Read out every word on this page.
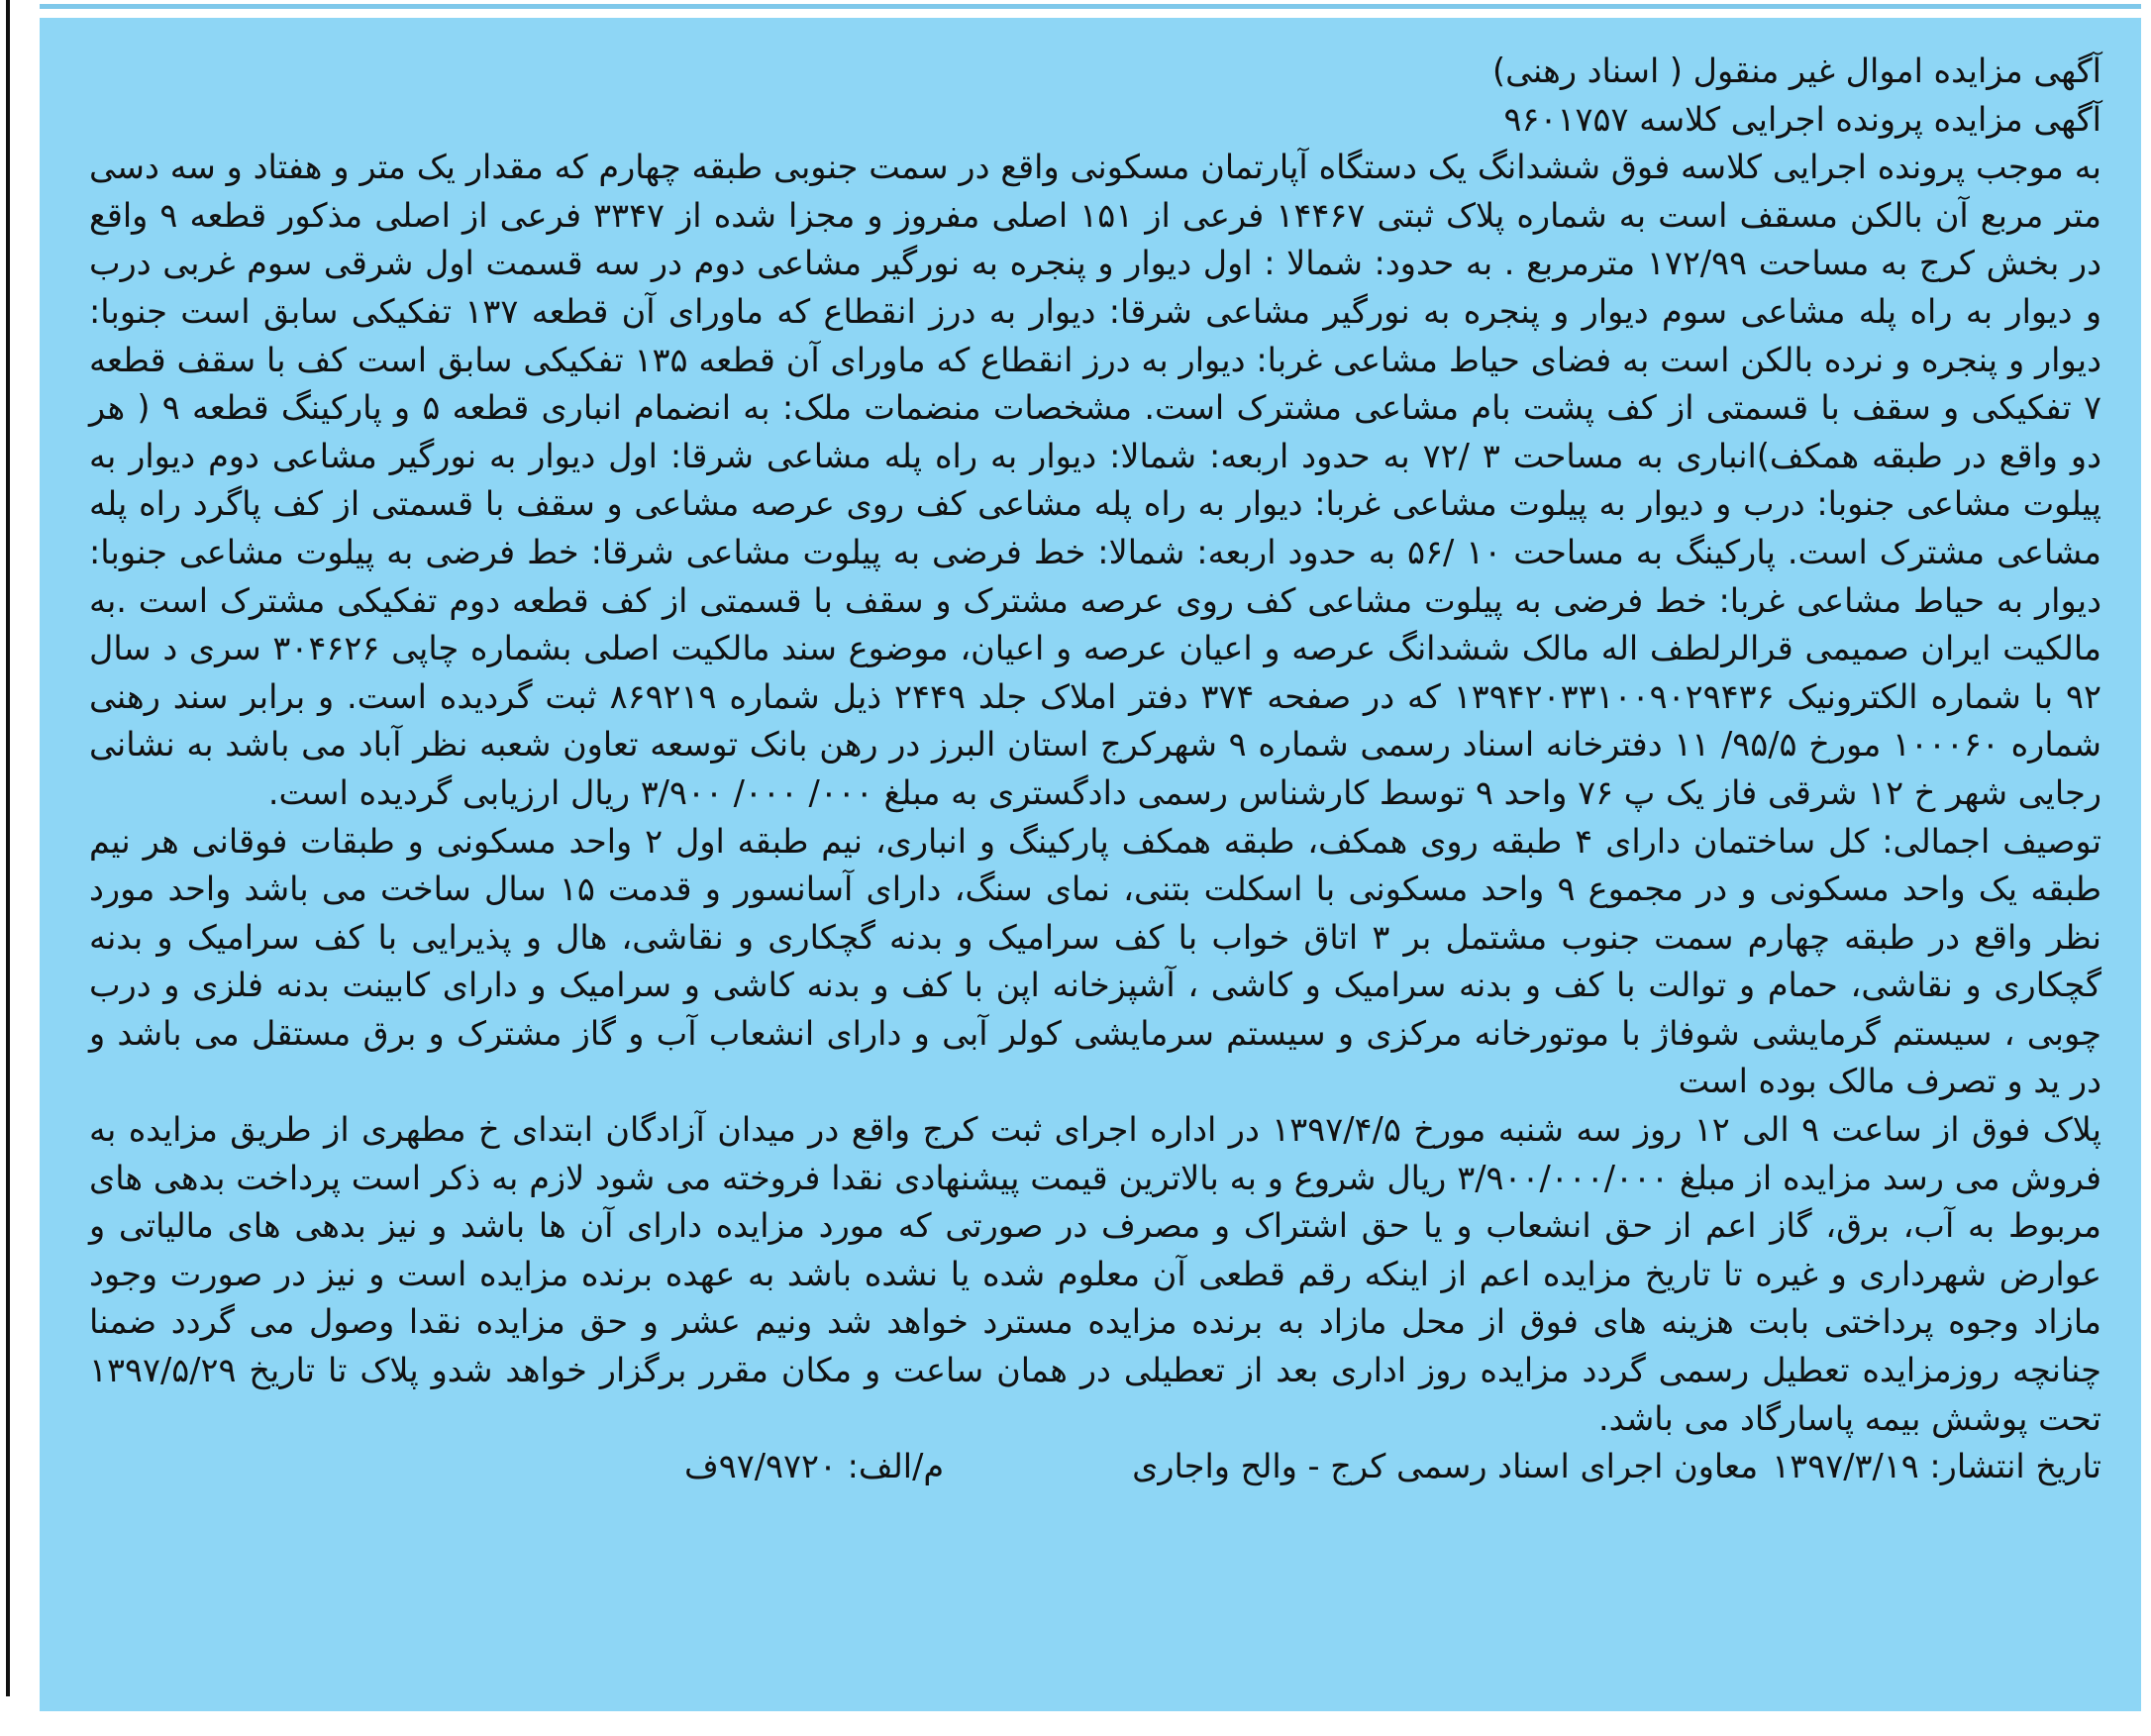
آگهی مزایده اموال غیر منقول ( اسناد رهنی)

آگهی مزایده پرونده اجرایی کلاسه ۹۶۰۱۷۵۷

به موجب پرونده اجرایی کلاسه فوق ششدانگ یک دستگاه آپارتمان مسکونی واقع در سمت جنوبی طبقه چهارم که مقدار یک متر و هفتاد و سه دسی متر مربع آن بالکن مسقف است به شماره پلاک ثبتی ۱۴۴۶۷ فرعی از ۱۵۱ اصلی مفروز و مجزا شده از ۳۳۴۷ فرعی از اصلی مذکور قطعه ۹ واقع در بخش کرج به مساحت ۱۷۲/۹۹ مترمربع . به حدود: شمالا : اول دیوار و پنجره به نورگیر مشاعی دوم در سه قسمت اول شرقی سوم غربی درب و دیوار به راه پله مشاعی سوم دیوار و پنجره به نورگیر مشاعی شرقا: دیوار به درز انقطاع که ماورای آن قطعه ۱۳۷ تفکیکی سابق است جنوبا: دیوار و پنجره و نرده بالکن است به فضای حیاط مشاعی غربا: دیوار به درز انقطاع که ماورای آن قطعه ۱۳۵ تفکیکی سابق است کف با سقف قطعه ۷ تفکیکی و سقف با قسمتی از کف پشت بام مشاعی مشترک است. مشخصات منضمات ملک: به انضمام انباری قطعه ۵ و پارکینگ قطعه ۹ ( هر دو واقع در طبقه همکف)انباری به مساحت ۳ /۷۲ به حدود اربعه: شمالا: دیوار به راه پله مشاعی شرقا: اول دیوار به نورگیر مشاعی دوم دیوار به پیلوت مشاعی جنوبا: درب و دیوار به پیلوت مشاعی غربا: دیوار به راه پله مشاعی کف روی عرصه مشاعی و سقف با قسمتی از کف پاگرد راه پله مشاعی مشترک است. پارکینگ به مساحت ۱۰ /۵۶ به حدود اربعه: شمالا: خط فرضی به پیلوت مشاعی شرقا: خط فرضی به پیلوت مشاعی جنوبا: دیوار به حیاط مشاعی غربا: خط فرضی به پیلوت مشاعی کف روی عرصه مشترک و سقف با قسمتی از کف قطعه دوم تفکیکی مشترک است .به مالکیت ایران صمیمی قرالرلطف اله مالک ششدانگ عرصه و اعیان عرصه و اعیان، موضوع سند مالکیت اصلی بشماره چاپی ۳۰۴۶۲۶ سری د سال ۹۲ با شماره الکترونیک ۱۳۹۴۲۰۳۳۱۰۰۹۰۲۹۴۳۶ که در صفحه ۳۷۴ دفتر املاک جلد ۲۴۴۹ ذیل شماره ۸۶۹۲۱۹ ثبت گردیده است. و برابر سند رهنی شماره ۱۰۰۰۶۰ مورخ ۹۵/۵/ ۱۱ دفترخانه اسناد رسمی شماره ۹ شهرکرج استان البرز در رهن بانک توسعه تعاون شعبه نظر آباد می باشد به نشانی رجایی شهر خ ۱۲ شرقی فاز یک پ ۷۶ واحد ۹ توسط کارشناس رسمی دادگستری به مبلغ ۰۰۰/ ۰۰۰/ ۳/۹۰۰ ریال ارزیابی گردیده است.

توصیف اجمالی: کل ساختمان دارای ۴ طبقه روی همکف، طبقه همکف پارکینگ و انباری، نیم طبقه اول ۲ واحد مسکونی و طبقات فوقانی هر نیم طبقه یک واحد مسکونی و در مجموع ۹ واحد مسکونی با اسکلت بتنی، نمای سنگ، دارای آسانسور و قدمت ۱۵ سال ساخت می باشد واحد مورد نظر واقع در طبقه چهارم سمت جنوب مشتمل بر ۳ اتاق خواب با کف سرامیک و بدنه گچکاری و نقاشی، هال و پذیرایی با کف سرامیک و بدنه گچکاری و نقاشی، حمام و توالت با کف و بدنه سرامیک و کاشی ، آشپزخانه اپن با کف و بدنه کاشی و سرامیک و دارای کابینت بدنه فلزی و درب چوبی ، سیستم گرمایشی شوفاژ با موتورخانه مرکزی و سیستم سرمایشی کولر آبی و دارای انشعاب آب و گاز مشترک و برق مستقل می باشد و در ید و تصرف مالک بوده است

پلاک فوق از ساعت ۹ الی ۱۲ روز سه شنبه مورخ ۱۳۹۷/۴/۵ در اداره اجرای ثبت کرج واقع در میدان آزادگان ابتدای خ مطهری از طریق مزایده به فروش می رسد مزایده از مبلغ ۳/۹۰۰/۰۰۰/۰۰۰ ریال شروع و به بالاترین قیمت پیشنهادی نقدا فروخته می شود لازم به ذکر است پرداخت بدهی های مربوط به آب، برق، گاز اعم از حق انشعاب و یا حق اشتراک و مصرف در صورتی که مورد مزایده دارای آن ها باشد و نیز بدهی های مالیاتی و عوارض شهرداری و غیره تا تاریخ مزایده اعم از اینکه رقم قطعی آن معلوم شده یا نشده باشد به عهده برنده مزایده است و نیز در صورت وجود مازاد وجوه پرداختی بابت هزینه های فوق از محل مازاد به برنده مزایده مسترد خواهد شد ونیم عشر و حق مزایده نقدا وصول می گردد ضمنا چنانچه روزمزایده تعطیل رسمی گردد مزایده روز اداری بعد از تعطیلی در همان ساعت و مکان مقرر برگزار خواهد شدو پلاک تا تاریخ ۱۳۹۷/۵/۲۹ تحت پوشش بیمه پاسارگاد می باشد.

تاریخ انتشار: ۱۳۹۷/۳/۱۹
معاون اجرای اسناد رسمی کرج - والح واجاری
م/الف: ۹۷/۹۷۲۰ف
